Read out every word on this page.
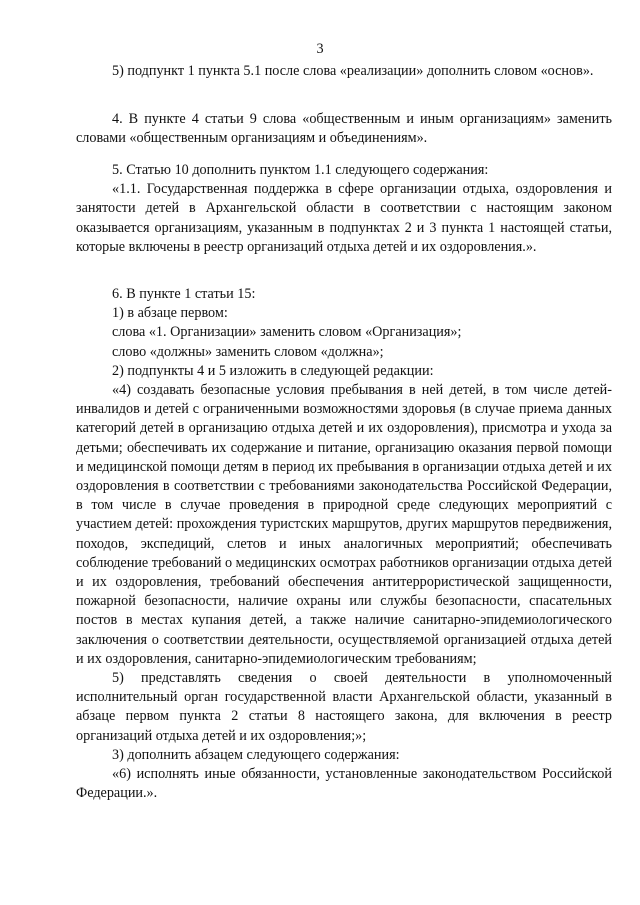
3

5) подпункт 1 пункта 5.1 после слова «реализации» дополнить словом «основ».

4. В пункте 4 статьи 9 слова «общественным и иным организациям» заменить словами «общественным организациям и объединениям».

5. Статью 10 дополнить пунктом 1.1 следующего содержания:

«1.1. Государственная поддержка в сфере организации отдыха, оздоровления и занятости детей в Архангельской области в соответствии с настоящим законом оказывается организациям, указанным в подпунктах 2 и 3 пункта 1 настоящей статьи, которые включены в реестр организаций отдыха детей и их оздоровления.».

6. В пункте 1 статьи 15:

1) в абзаце первом:

слова «1. Организации» заменить словом «Организация»;

слово «должны» заменить словом «должна»;

2) подпункты 4 и 5 изложить в следующей редакции:

«4) создавать безопасные условия пребывания в ней детей, в том числе детей-инвалидов и детей с ограниченными возможностями здоровья (в случае приема данных категорий детей в организацию отдыха детей и их оздоровления), присмотра и ухода за детьми; обеспечивать их содержание и питание, организацию оказания первой помощи и медицинской помощи детям в период их пребывания в организации отдыха детей и их оздоровления в соответствии с требованиями законодательства Российской Федерации, в том числе в случае проведения в природной среде следующих мероприятий с участием детей: прохождения туристских маршрутов, других маршрутов передвижения, походов, экспедиций, слетов и иных аналогичных мероприятий; обеспечивать соблюдение требований о медицинских осмотрах работников организации отдыха детей и их оздоровления, требований обеспечения антитеррористической защищенности, пожарной безопасности, наличие охраны или службы безопасности, спасательных постов в местах купания детей, а также наличие санитарно-эпидемиологического заключения о соответствии деятельности, осуществляемой организацией отдыха детей и их оздоровления, санитарно-эпидемиологическим требованиям;

5) представлять сведения о своей деятельности в уполномоченный исполнительный орган государственной власти Архангельской области, указанный в абзаце первом пункта 2 статьи 8 настоящего закона, для включения в реестр организаций отдыха детей и их оздоровления;»;

3) дополнить абзацем следующего содержания:

«6) исполнять иные обязанности, установленные законодательством Российской Федерации.».
